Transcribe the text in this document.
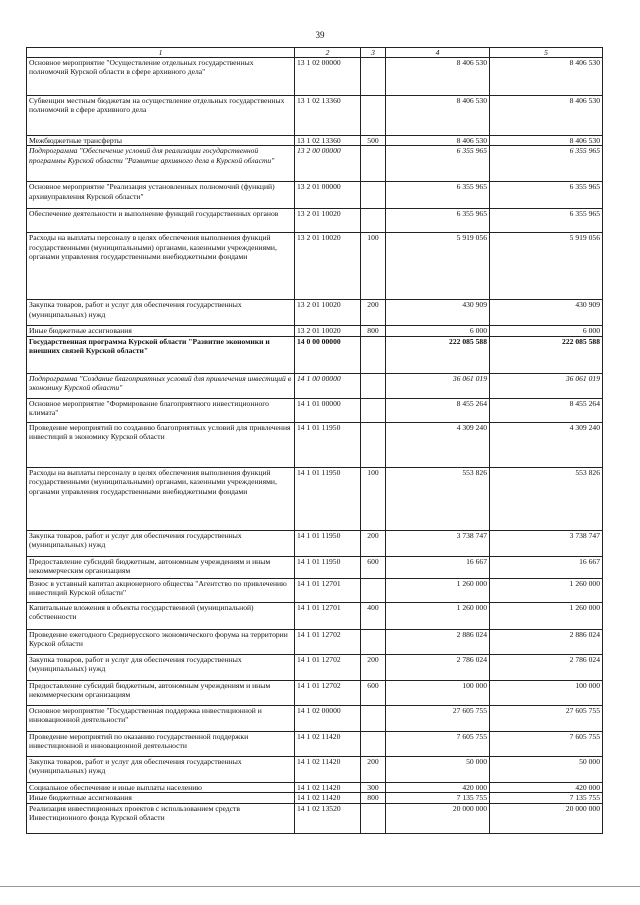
39
1	2	3	4	5
Основное мероприятие "Осуществление отдельных государственных полномочий Курской области в сфере архивного дела"	13 1 02 00000		8 406 530	8 406 530
Субвенции местным бюджетам на осуществление отдельных государственных полномочий в сфере архивного дела	13 1 02 13360		8 406 530	8 406 530
Межбюджетные трансферты	13 1 02 13360	500	8 406 530	8 406 530
Подпрограмма "Обеспечение условий для реализации государственной программы Курской области "Развитие архивного дела в Курской области"	13 2 00 00000		6 355 965	6 355 965
Основное мероприятие "Реализация установленных полномочий (функций) архивуправления Курской области"	13 2 01 00000		6 355 965	6 355 965
Обеспечение деятельности и выполнение функций государственных органов	13 2 01 10020		6 355 965	6 355 965
Расходы на выплаты персоналу в целях обеспечения выполнения функций государственными (муниципальными) органами, казенными учреждениями, органами управления государственными внебюджетными фондами	13 2 01 10020	100	5 919 056	5 919 056
Закупка товаров, работ и услуг для обеспечения государственных (муниципальных) нужд	13 2 01 10020	200	430 909	430 909
Иные бюджетные ассигнования	13 2 01 10020	800	6 000	6 000
Государственная программа Курской области "Развитие экономики и внешних связей Курской области"	14 0 00 00000		222 085 588	222 085 588
Подпрограмма "Создание благоприятных условий для привлечения инвестиций в экономику Курской области"	14 1 00 00000		36 061 019	36 061 019
Основное мероприятие "Формирование благоприятного инвестиционного климата"	14 1 01 00000		8 455 264	8 455 264
Проведение мероприятий по созданию благоприятных условий для привлечения инвестиций в экономику Курской области	14 1 01 11950		4 309 240	4 309 240
Расходы на выплаты персоналу в целях обеспечения выполнения функций государственными (муниципальными) органами, казенными учреждениями, органами управления государственными внебюджетными фондами	14 1 01 11950	100	553 826	553 826
Закупка товаров, работ и услуг для обеспечения государственных (муниципальных) нужд	14 1 01 11950	200	3 738 747	3 738 747
Предоставление субсидий бюджетным, автономным учреждениям и иным некоммерческим организациям	14 1 01 11950	600	16 667	16 667
Взнос в уставный капитал акционерного общества "Агентство по привлечению инвестиций Курской области"	14 1 01 12701		1 260 000	1 260 000
Капитальные вложения в объекты государственной (муниципальной) собственности	14 1 01 12701	400	1 260 000	1 260 000
Проведение ежегодного Среднерусского экономического форума на территории Курской области	14 1 01 12702		2 886 024	2 886 024
Закупка товаров, работ и услуг для обеспечения государственных (муниципальных) нужд	14 1 01 12702	200	2 786 024	2 786 024
Предоставление субсидий бюджетным, автономным учреждениям и иным некоммерческим организациям	14 1 01 12702	600	100 000	100 000
Основное мероприятие "Государственная поддержка инвестиционной и инновационной деятельности"	14 1 02 00000		27 605 755	27 605 755
Проведение мероприятий по оказанию государственной поддержки инвестиционной и инновационной деятельности	14 1 02 11420		7 605 755	7 605 755
Закупка товаров, работ и услуг для обеспечения государственных (муниципальных) нужд	14 1 02 11420	200	50 000	50 000
Социальное обеспечение и иные выплаты населению	14 1 02 11420	300	420 000	420 000
Иные бюджетные ассигнования	14 1 02 11420	800	7 135 755	7 135 755
Реализация инвестиционных проектов с использованием средств Инвестиционного фонда Курской области	14 1 02 13520		20 000 000	20 000 000
